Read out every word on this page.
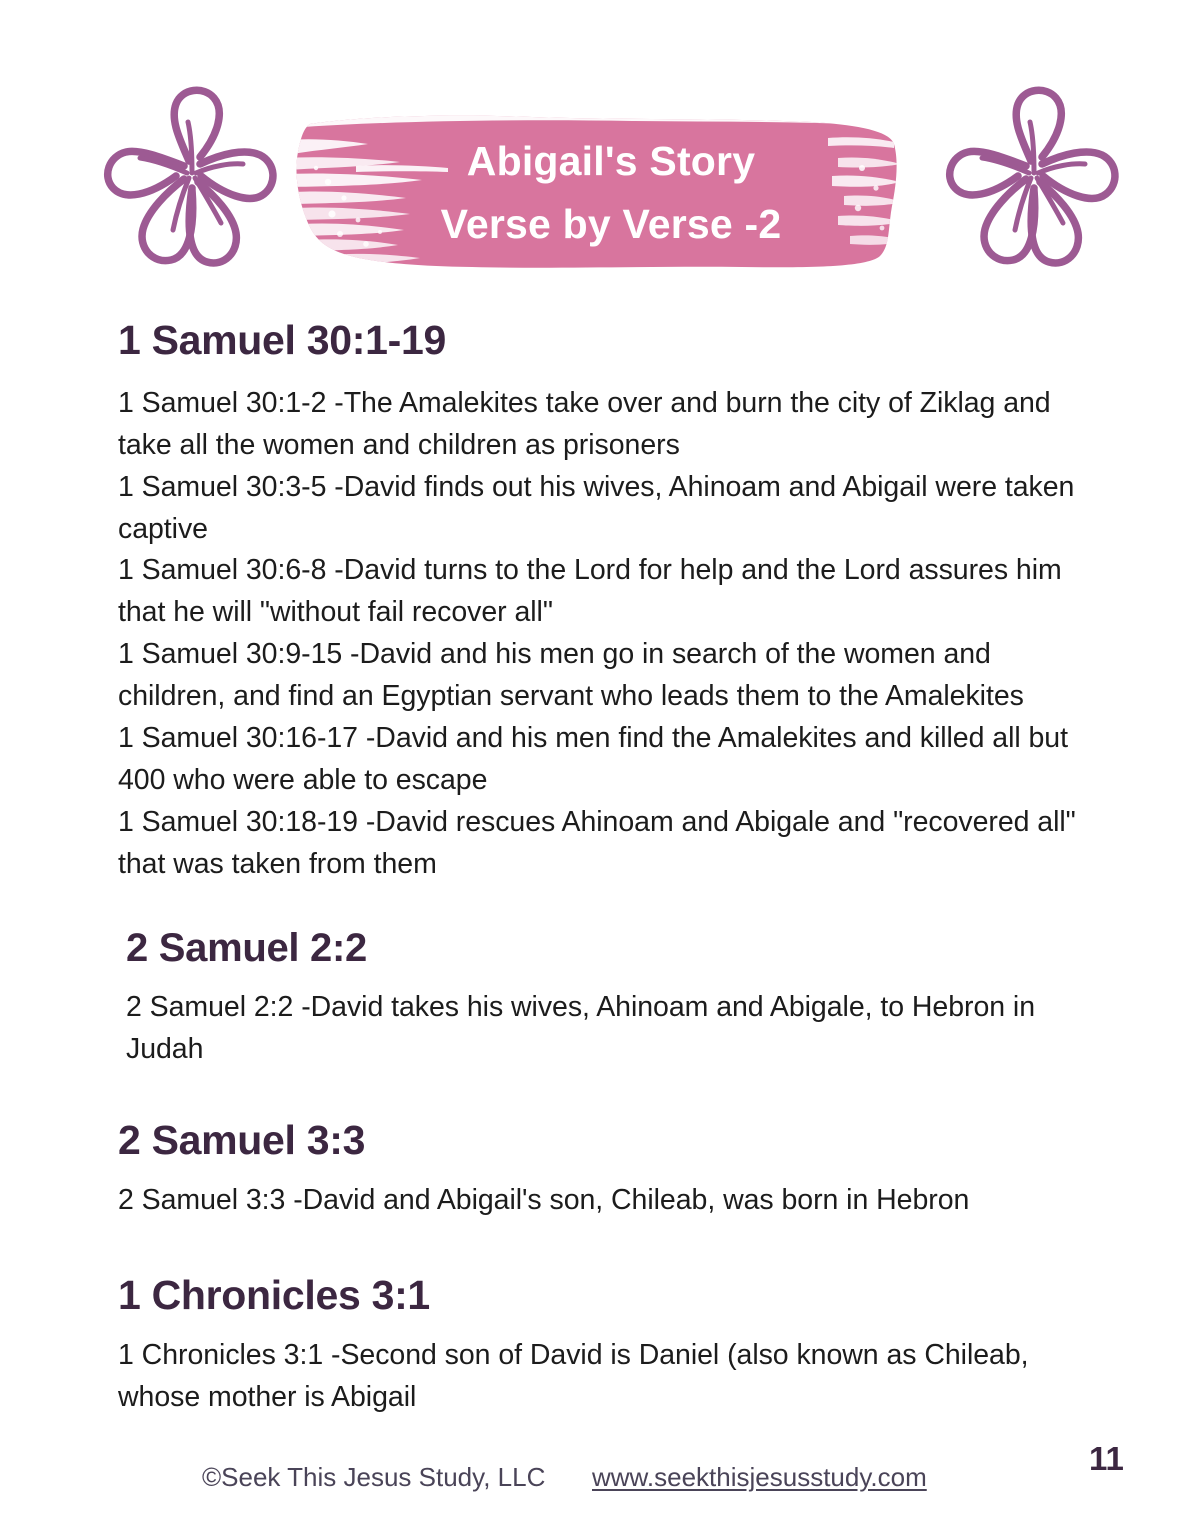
Abigail's Story
Verse by Verse -2
1 Samuel 30:1-19
1 Samuel 30:1-2 -The Amalekites take over and burn the city of Ziklag and take all the women and children as prisoners
1 Samuel 30:3-5 -David finds out his wives, Ahinoam and Abigail were taken captive
1 Samuel 30:6-8 -David turns to the Lord for help and the Lord assures him that he will "without fail recover all"
1 Samuel 30:9-15 -David and his men go in search of the women and children, and find an Egyptian servant who leads them to the Amalekites
1 Samuel 30:16-17 -David and his men find the Amalekites and killed all but 400 who were able to escape
1 Samuel 30:18-19 -David rescues Ahinoam and Abigale and "recovered all" that was taken from them
2 Samuel 2:2
2 Samuel 2:2 -David takes his wives, Ahinoam and Abigale, to Hebron in Judah
2 Samuel 3:3
2 Samuel 3:3 -David and Abigail's son, Chileab, was born in Hebron
1 Chronicles 3:1
1 Chronicles 3:1 -Second son of David is Daniel (also known as Chileab, whose mother is Abigail
©Seek This Jesus Study, LLC www.seekthisjesusstudy.com	11
